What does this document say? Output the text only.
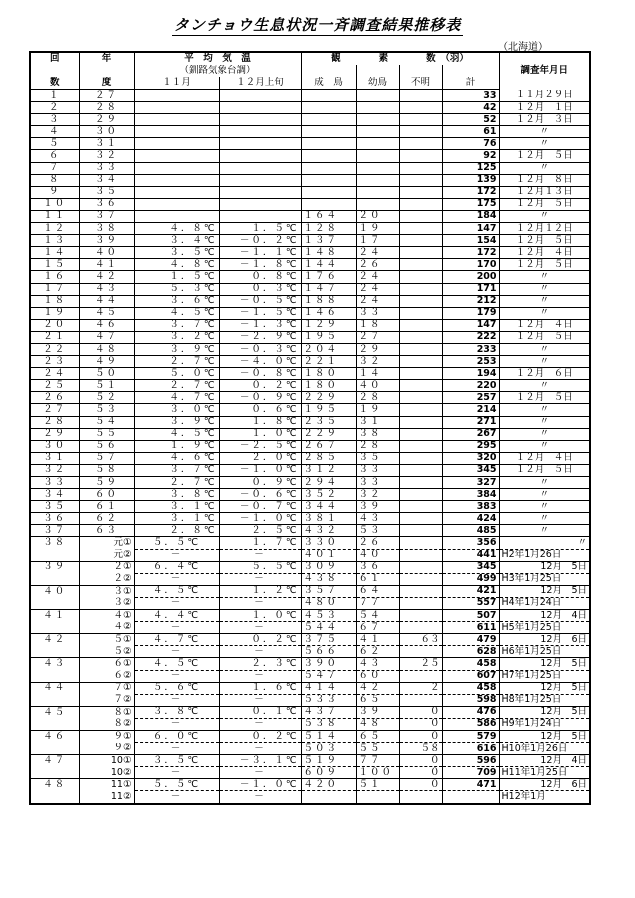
タンチョウ生息状況一斉調査結果推移表
（北海道）
回	年	平　均　気　温		観　　　　素　　　　数　（羽）				調査年月日
		（釧路気象台調）						
数	度	１１月	１２月上旬	成　鳥	幼鳥	不明	計	
１	２７						33	１１月２９日
２	２８						42	１２月　１日
３	２９						52	１２月　３日
４	３０						61	〃
５	３１						76	〃
６	３２						92	１２月　５日
７	３３						125	〃
８	３４						139	１２月　８日
９	３５						172	１２月１３日
１０	３６						175	１２月　５日
１１	３７			１６４	２０		184	〃
１２	３８	４．８℃	１．５℃	１２８	１９		147	１２月１２日
１３	３９	３．４℃	－０．２℃	１３７	１７		154	１２月　５日
１４	４０	３．５℃	－１．１℃	１４８	２４		172	１２月　４日
１５	４１	４．８℃	－１．８℃	１４４	２６		170	１２月　５日
１６	４２	１．５℃	０．８℃	１７６	２４		200	〃
１７	４３	５．３℃	０．３℃	１４７	２４		171	〃
１８	４４	３．６℃	－０．５℃	１８８	２４		212	〃
１９	４５	４．５℃	－１．５℃	１４６	３３		179	〃
２０	４６	３．７℃	－１．３℃	１２９	１８		147	１２月　４日
２１	４７	３．２℃	－２．９℃	１９５	２７		222	１２月　５日
２２	４８	３．９℃	－０．３℃	２０４	２９		233	〃
２３	４９	２．７℃	－４．０℃	２２１	３２		253	〃
２４	５０	５．０℃	－０．８℃	１８０	１４		194	１２月　６日
２５	５１	２．７℃	０．２℃	１８０	４０		220	〃
２６	５２	４．７℃	－０．９℃	２２９	２８		257	１２月　５日
２７	５３	３．０℃	０．６℃	１９５	１９		214	〃
２８	５４	３．９℃	１．８℃	２３５	３１		271	〃
２９	５５	４．５℃	１．０℃	２２９	３８		267	〃
３０	５６	１．９℃	－２．５℃	２６７	２８		295	〃
３１	５７	４．６℃	２．０℃	２８５	３５		320	１２月　４日
３２	５８	３．７℃	－１．０℃	３１２	３３		345	１２月　５日
３３	５９	２．７℃	０．９℃	２９４	３３		327	〃
３４	６０	３．８℃	－０．６℃	３５２	３２		384	〃
３５	６１	３．１℃	－０．７℃	３４４	３９		383	〃
３６	６２	３．１℃	－１．０℃	３８１	４３		424	〃
３７	６３	２．８℃	２．５℃	４３２	５３		485	〃
３８	元①	５．５℃	１．７℃	３３０	２６		356	〃
	元②	－	－	４０１	４０		441	H2年1月26日
３９	２①	６．４℃	５．５℃	３０９	３６		345	12月　5日
	２②	－	－	４３８	６１		499	H3年1月25日
４０	３①	４．５℃	１．２℃	３５７	６４		421	12月　5日
	３②	－	－	４８０	７７		557	H4年1月24日
４１	４①	４．４℃	１．０℃	４５３	５４		507	12月　4日
	４②	－	－	５４４	６７		611	H5年1月25日
４２	５①	４．７℃	０．２℃	３７５	４１	６３	479	12月　6日
	５②	－	－	５６６	６２		628	H6年1月25日
４３	６①	４．５℃	２．３℃	３９０	４３	２５	458	12月　5日
	６②	－	－	５４７	６０		607	H7年1月25日
４４	７①	５．６℃	１．６℃	４１４	４２	２	458	12月　5日
	７②	－	－	５３３	６５		598	H8年1月25日
４５	８①	３．８℃	０．１℃	４３７	３９	０	476	12月　5日
	８②	－	－	５３８	４８	０	586	H9年1月24日
４６	９①	６．０℃	０．２℃	５１４	６５	０	579	12月　5日
	９②	－	－	５０３	５５	５８	616	H10年1月26日
４７	10①	３．５℃	－３．１℃	５１９	７７	０	596	12月　4日
	10②	－	－	６０９	１００	０	709	H11年1月25日
４８	11①	５．５℃	－１．０℃	４２０	５１	０	471	12月　6日
	11②	－	－					H12年1月
